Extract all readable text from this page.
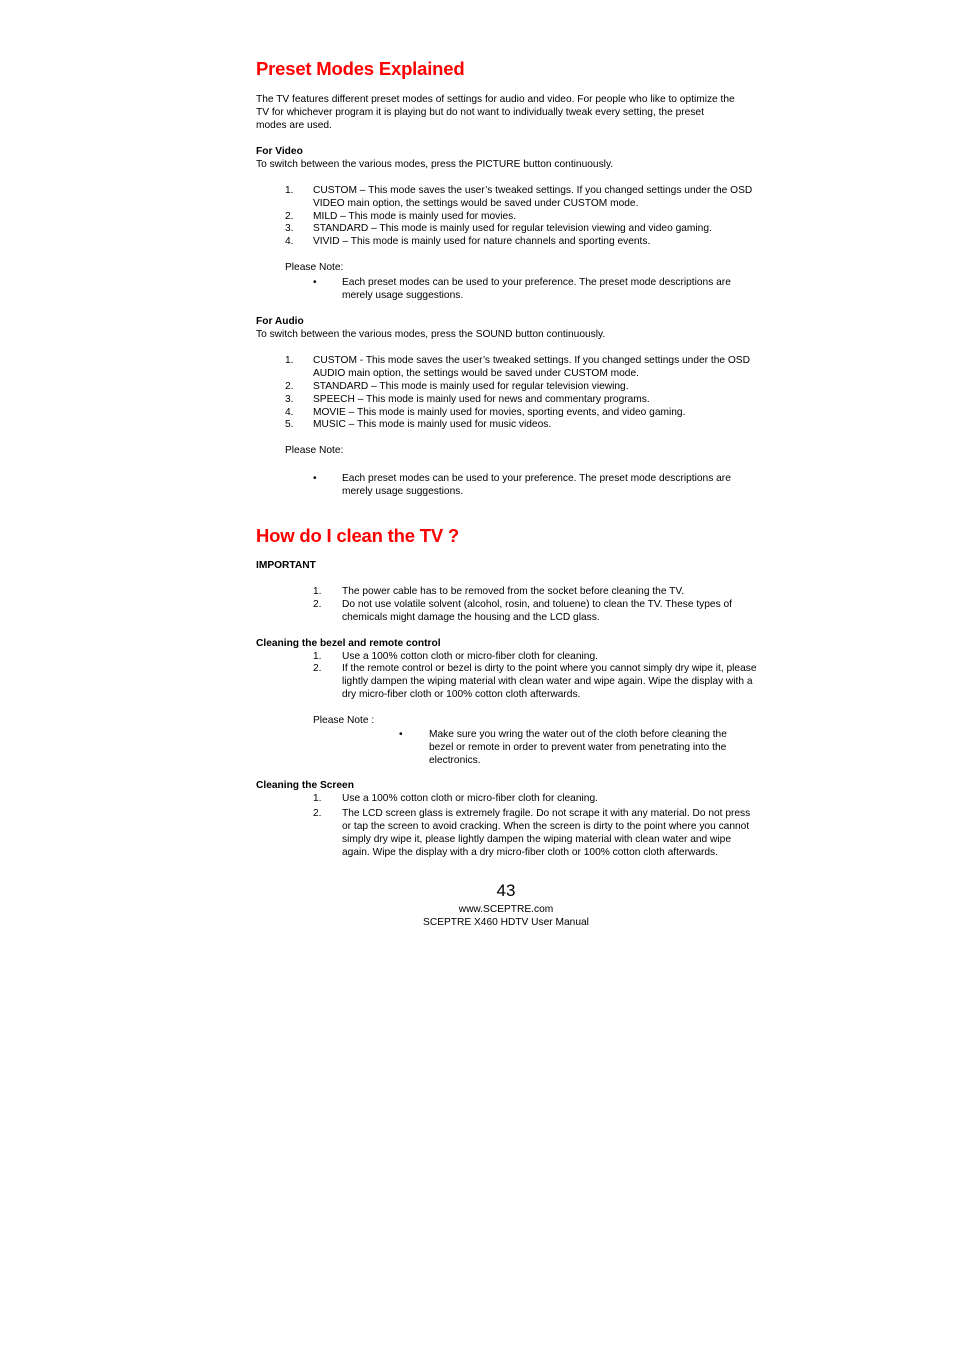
Preset Modes Explained
The TV features different preset modes of settings for audio and video. For people who like to optimize the TV for whichever program it is playing but do not want to individually tweak every setting, the preset modes are used.
For Video
To switch between the various modes, press the PICTURE button continuously.
1. CUSTOM – This mode saves the user’s tweaked settings. If you changed settings under the OSD VIDEO main option, the settings would be saved under CUSTOM mode.
2. MILD – This mode is mainly used for movies.
3. STANDARD – This mode is mainly used for regular television viewing and video gaming.
4. VIVID – This mode is mainly used for nature channels and sporting events.
Please Note:
• Each preset modes can be used to your preference. The preset mode descriptions are merely usage suggestions.
For Audio
To switch between the various modes, press the SOUND button continuously.
1. CUSTOM - This mode saves the user’s tweaked settings. If you changed settings under the OSD AUDIO main option, the settings would be saved under CUSTOM mode.
2. STANDARD – This mode is mainly used for regular television viewing.
3. SPEECH – This mode is mainly used for news and commentary programs.
4. MOVIE – This mode is mainly used for movies, sporting events, and video gaming.
5. MUSIC – This mode is mainly used for music videos.
Please Note:
• Each preset modes can be used to your preference. The preset mode descriptions are merely usage suggestions.
How do I clean the TV ?
IMPORTANT
1. The power cable has to be removed from the socket before cleaning the TV.
2. Do not use volatile solvent (alcohol, rosin, and toluene) to clean the TV. These types of chemicals might damage the housing and the LCD glass.
Cleaning the bezel and remote control
1. Use a 100% cotton cloth or micro-fiber cloth for cleaning.
2. If the remote control or bezel is dirty to the point where you cannot simply dry wipe it, please lightly dampen the wiping material with clean water and wipe again. Wipe the display with a dry micro-fiber cloth or 100% cotton cloth afterwards.
Please Note :
•	Make sure you wring the water out of the cloth before cleaning the bezel or remote in order to prevent water from penetrating into the electronics.
Cleaning the Screen
1. Use a 100% cotton cloth or micro-fiber cloth for cleaning.
2. The LCD screen glass is extremely fragile. Do not scrape it with any material. Do not press or tap the screen to avoid cracking. When the screen is dirty to the point where you cannot simply dry wipe it, please lightly dampen the wiping material with clean water and wipe again. Wipe the display with a dry micro-fiber cloth or 100% cotton cloth afterwards.
43
www.SCEPTRE.com
SCEPTRE X460 HDTV User Manual
